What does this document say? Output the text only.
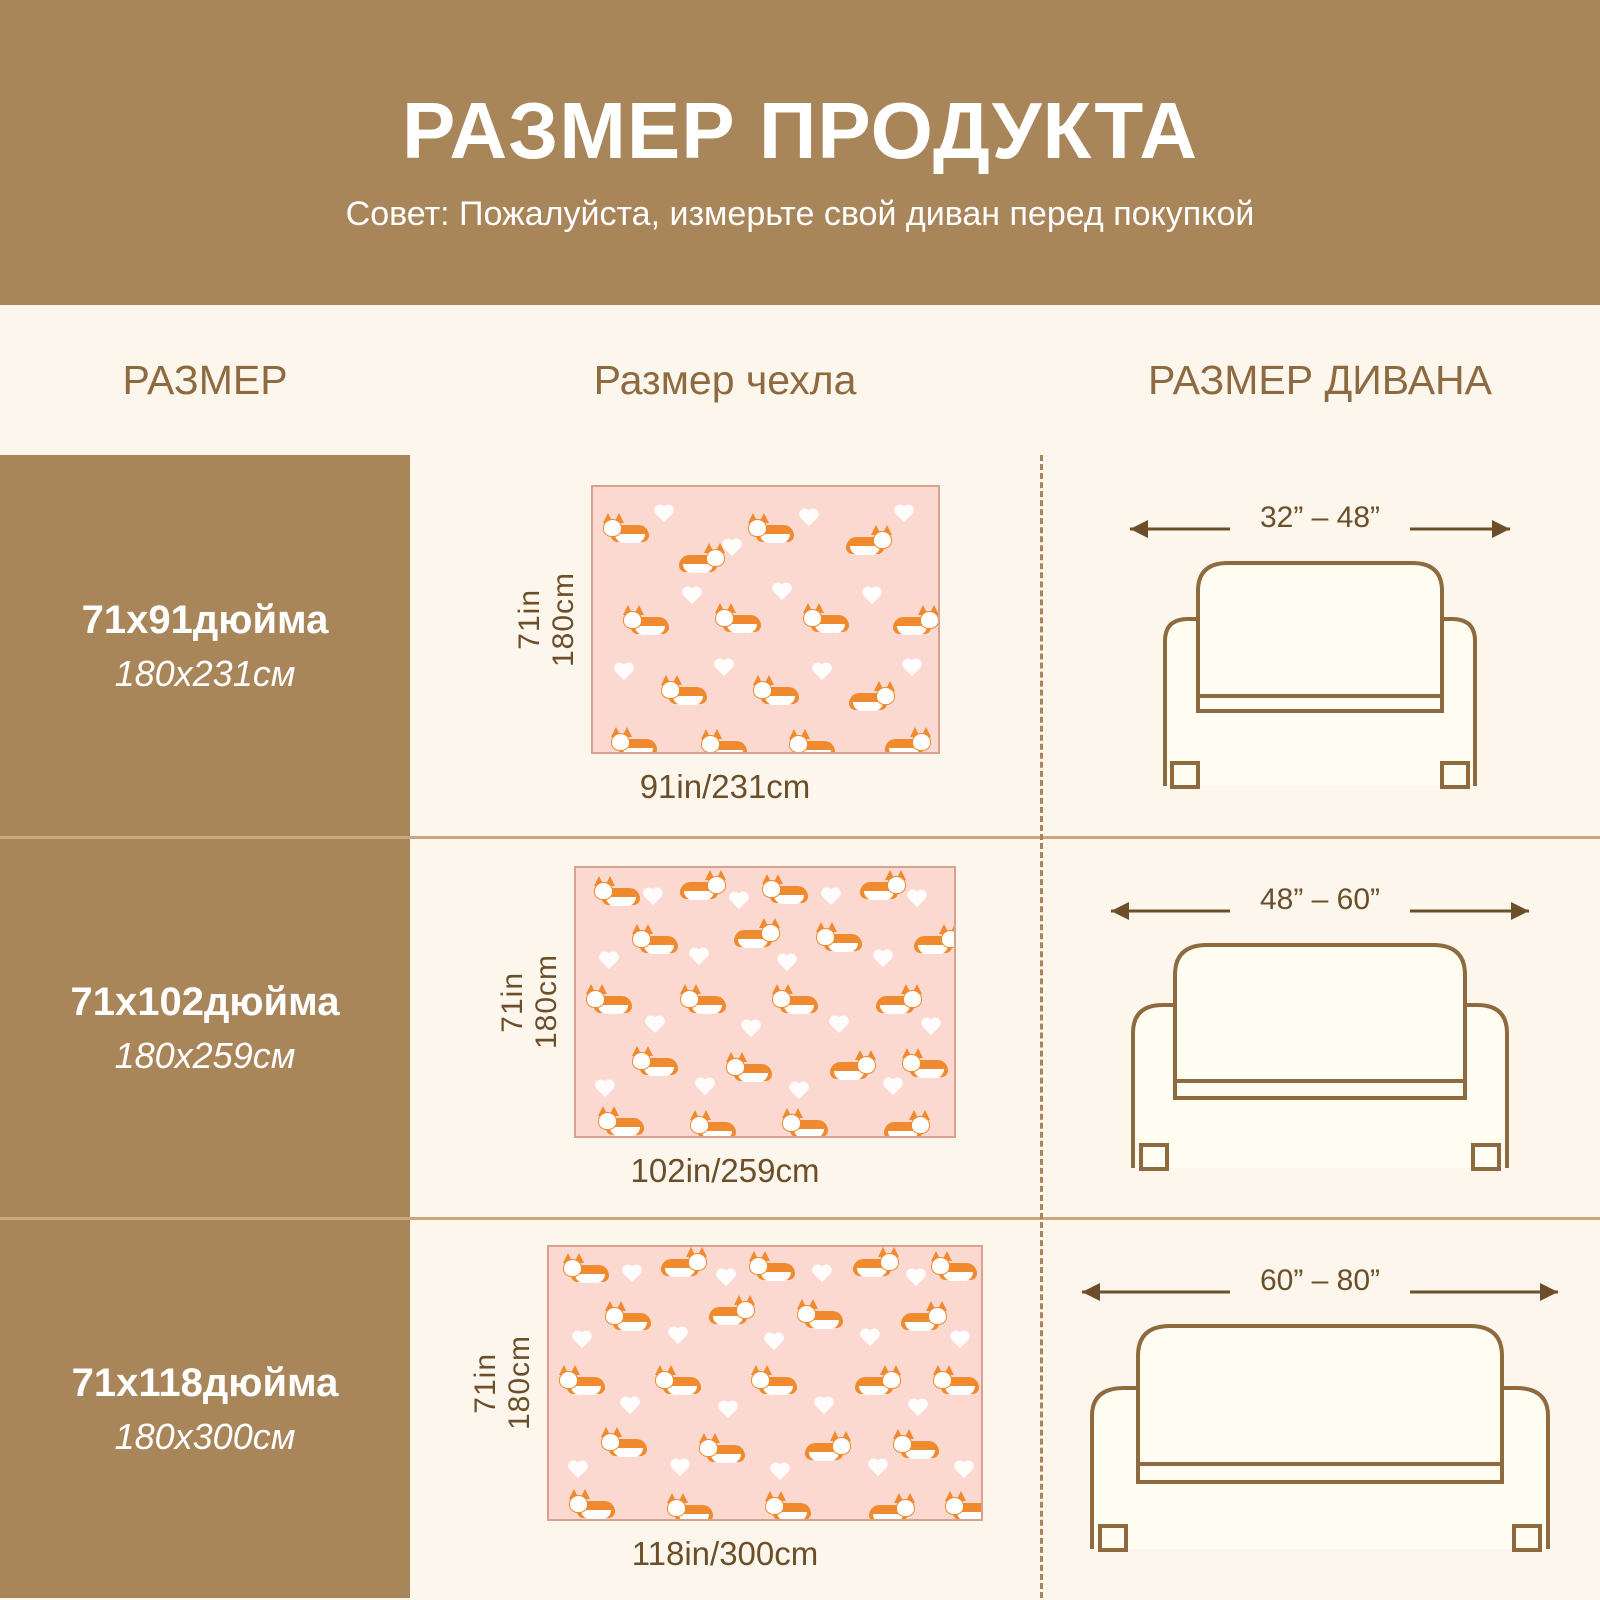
РАЗМЕР ПРОДУКТА
Совет: Пожалуйста, измерьте свой диван перед покупкой
РАЗМЕР	Размер чехла	РАЗМЕР ДИВАНА
71x91дюйма
180x231см
71in 180cm
91in/231cm
32” – 48”
71x102дюйма
180x259см
71in 180cm
102in/259cm
48” – 60”
71x118дюйма
180x300см
71in 180cm
118in/300cm
60” – 80”
